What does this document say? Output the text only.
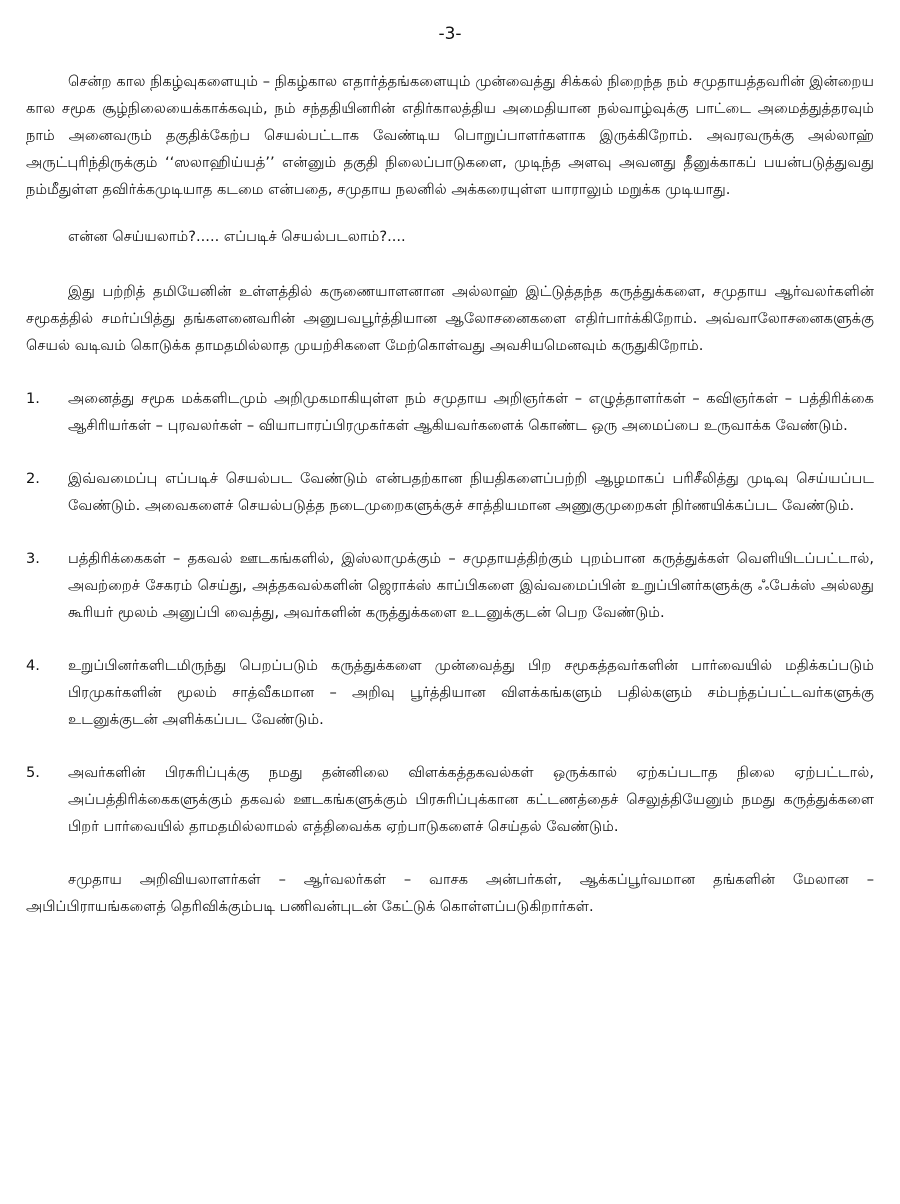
-3-

சென்ற கால நிகழ்வுகளையும் – நிகழ்கால எதார்த்தங்களையும் முன்வைத்து சிக்கல் நிறைந்த நம் சமுதாயத்தவரின் இன்றைய கால சமூக சூழ்நிலையைக்காக்கவும், நம் சந்ததியினரின் எதிர்காலத்திய அமைதியான நல்வாழ்வுக்கு பாட்டை அமைத்துத்தரவும் நாம் அனைவரும் தகுதிக்கேற்ப செயல்பட்டாக வேண்டிய பொறுப்பாளர்களாக இருக்கிறோம். அவரவருக்கு அல்லாஹ் அருட்புரிந்திருக்கும் ‘‘ஸலாஹிய்யத்’’ என்னும் தகுதி நிலைப்பாடுகளை, முடிந்த அளவு அவனது தீனுக்காகப் பயன்படுத்துவது நம்மீதுள்ள தவிர்க்கமுடியாத கடமை என்பதை, சமுதாய நலனில் அக்கரையுள்ள யாராலும் மறுக்க முடியாது.

என்ன செய்யலாம்?..... எப்படிச் செயல்படலாம்?....

இது பற்றித் தமியேனின் உள்ளத்தில் கருணையாளனான அல்லாஹ் இட்டுத்தந்த கருத்துக்களை, சமுதாய ஆர்வலர்களின் சமூகத்தில் சமர்ப்பித்து தங்களனைவரின் அனுபவபூர்த்தியான ஆலோசனைகளை எதிர்பார்க்கிறோம். அவ்வாலோசனைகளுக்கு செயல் வடிவம் கொடுக்க தாமதமில்லாத முயற்சிகளை மேற்கொள்வது அவசியமெனவும் கருதுகிறோம்.

1.	அனைத்து சமூக மக்களிடமும் அறிமுகமாகியுள்ள நம் சமுதாய அறிஞர்கள் – எழுத்தாளர்கள் – கவிஞர்கள் – பத்திரிக்கை ஆசிரியர்கள் – புரவலர்கள் – வியாபாரப்பிரமுகர்கள் ஆகியவர்களைக் கொண்ட ஒரு அமைப்பை உருவாக்க வேண்டும்.
2.	இவ்வமைப்பு எப்படிச் செயல்பட வேண்டும் என்பதற்கான நியதிகளைப்பற்றி ஆழமாகப் பரிசீலித்து முடிவு செய்யப்பட வேண்டும். அவைகளைச் செயல்படுத்த நடைமுறைகளுக்குச் சாத்தியமான அணுகுமுறைகள் நிர்ணயிக்கப்பட வேண்டும்.
3.	பத்திரிக்கைகள் – தகவல் ஊடகங்களில், இஸ்லாமுக்கும் – சமுதாயத்திற்கும் புறம்பான கருத்துக்கள் வெளியிடப்பட்டால், அவற்றைச் சேகரம் செய்து, அத்தகவல்களின் ஜெராக்ஸ் காப்பிகளை இவ்வமைப்பின் உறுப்பினர்களுக்கு ஃபேக்ஸ் அல்லது கூரியர் மூலம் அனுப்பி வைத்து, அவர்களின் கருத்துக்களை உடனுக்குடன் பெற வேண்டும்.
4.	உறுப்பினர்களிடமிருந்து பெறப்படும் கருத்துக்களை முன்வைத்து பிற சமூகத்தவர்களின் பார்வையில் மதிக்கப்படும் பிரமுகர்களின் மூலம் சாத்வீகமான – அறிவு பூர்த்தியான விளக்கங்களும் பதில்களும் சம்பந்தப்பட்டவர்களுக்கு உடனுக்குடன் அளிக்கப்பட வேண்டும்.
5.	அவர்களின் பிரசுரிப்புக்கு நமது தன்னிலை விளக்கத்தகவல்கள் ஒருக்கால் ஏற்கப்படாத நிலை ஏற்பட்டால், அப்பத்திரிக்கைகளுக்கும் தகவல் ஊடகங்களுக்கும் பிரசுரிப்புக்கான கட்டணத்தைச் செலுத்தியேனும் நமது கருத்துக்களை பிறர் பார்வையில் தாமதமில்லாமல் எத்திவைக்க ஏற்பாடுகளைச் செய்தல் வேண்டும்.

சமுதாய அறிவியலாளர்கள் – ஆர்வலர்கள் – வாசக அன்பர்கள், ஆக்கப்பூர்வமான தங்களின் மேலான – அபிப்பிராயங்களைத் தெரிவிக்கும்படி பணிவன்புடன் கேட்டுக் கொள்ளப்படுகிறார்கள்.
